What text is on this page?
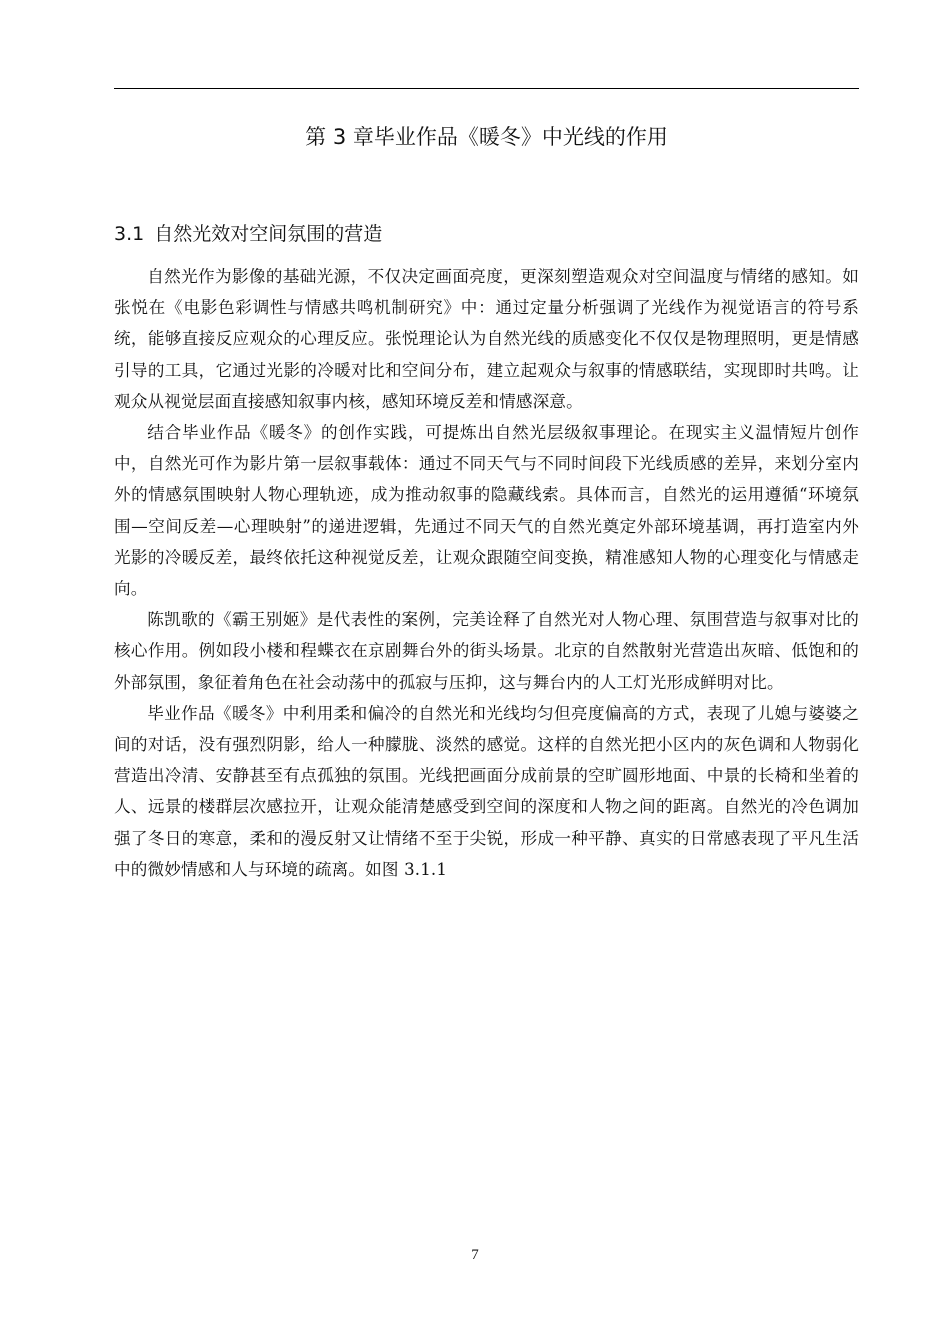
第 3 章毕业作品《暖冬》中光线的作用
3.1 自然光效对空间氛围的营造

自然光作为影像的基础光源，不仅决定画面亮度，更深刻塑造观众对空间温度与情绪的感知。如张悦在《电影色彩调性与情感共鸣机制研究》中：通过定量分析强调了光线作为视觉语言的符号系统，能够直接反应观众的心理反应。张悦理论认为自然光线的质感变化不仅仅是物理照明，更是情感引导的工具，它通过光影的冷暖对比和空间分布，建立起观众与叙事的情感联结，实现即时共鸣。让观众从视觉层面直接感知叙事内核，感知环境反差和情感深意。

结合毕业作品《暖冬》的创作实践，可提炼出自然光层级叙事理论。在现实主义温情短片创作中，自然光可作为影片第一层叙事载体：通过不同天气与不同时间段下光线质感的差异，来划分室内外的情感氛围映射人物心理轨迹，成为推动叙事的隐藏线索。具体而言，自然光的运用遵循“环境氛围—空间反差—心理映射”的递进逻辑，先通过不同天气的自然光奠定外部环境基调，再打造室内外光影的冷暖反差，最终依托这种视觉反差，让观众跟随空间变换，精准感知人物的心理变化与情感走向。

陈凯歌的《霸王别姬》是代表性的案例，完美诠释了自然光对人物心理、氛围营造与叙事对比的核心作用。例如段小楼和程蝶衣在京剧舞台外的街头场景。北京的自然散射光营造出灰暗、低饱和的外部氛围，象征着角色在社会动荡中的孤寂与压抑，这与舞台内的人工灯光形成鲜明对比。

毕业作品《暖冬》中利用柔和偏冷的自然光和光线均匀但亮度偏高的方式，表现了儿媳与婆婆之间的对话，没有强烈阴影，给人一种朦胧、淡然的感觉。这样的自然光把小区内的灰色调和人物弱化营造出冷清、安静甚至有点孤独的氛围。光线把画面分成前景的空旷圆形地面、中景的长椅和坐着的人、远景的楼群层次感拉开，让观众能清楚感受到空间的深度和人物之间的距离。自然光的冷色调加强了冬日的寒意，柔和的漫反射又让情绪不至于尖锐，形成一种平静、真实的日常感表现了平凡生活中的微妙情感和人与环境的疏离。如图 3.1.1

7
